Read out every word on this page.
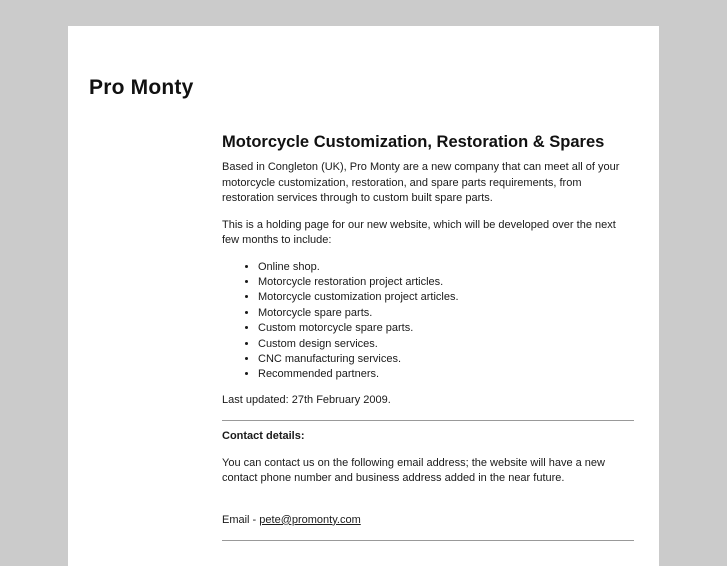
Pro Monty
Motorcycle Customization, Restoration & Spares

Based in Congleton (UK), Pro Monty are a new company that can meet all of your motorcycle customization, restoration, and spare parts requirements, from restoration services through to custom built spare parts.

This is a holding page for our new website, which will be developed over the next few months to include:

• Online shop.
• Motorcycle restoration project articles.
• Motorcycle customization project articles.
• Motorcycle spare parts.
• Custom motorcycle spare parts.
• Custom design services.
• CNC manufacturing services.
• Recommended partners.

Last updated: 27th February 2009.

Contact details:

You can contact us on the following email address; the website will have a new contact phone number and business address added in the near future.

Email - pete@promonty.com
